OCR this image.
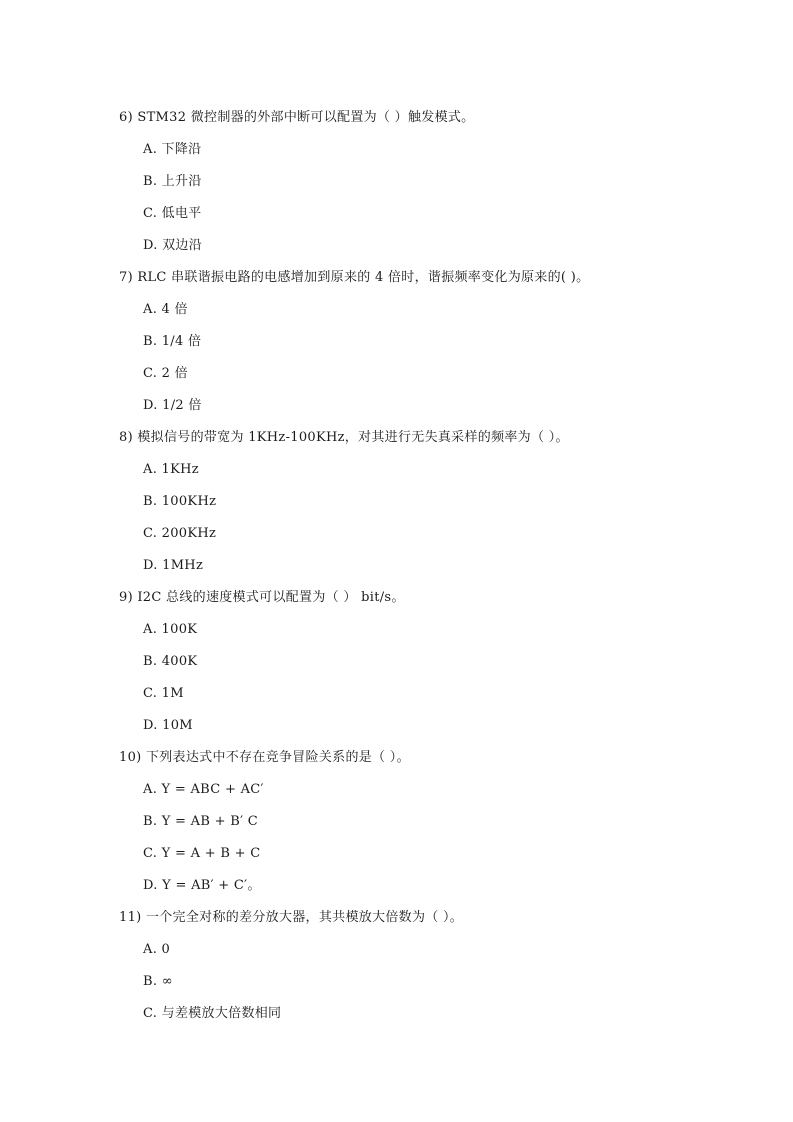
6) STM32 微控制器的外部中断可以配置为（ ）触发模式。
A. 下降沿
B. 上升沿
C. 低电平
D. 双边沿
7) RLC 串联谐振电路的电感增加到原来的 4 倍时，谐振频率变化为原来的( )。
A. 4 倍
B. 1/4 倍
C. 2 倍
D. 1/2 倍
8) 模拟信号的带宽为 1KHz-100KHz，对其进行无失真采样的频率为（ ）。
A. 1KHz
B. 100KHz
C. 200KHz
D. 1MHz
9) I2C 总线的速度模式可以配置为（ ） bit/s。
A. 100K
B. 400K
C. 1M
D. 10M
10) 下列表达式中不存在竞争冒险关系的是（ ）。
A. Y = ABC + AC′
B. Y = AB + B′ C
C. Y = A + B + C
D. Y = AB′ + C′。
11) 一个完全对称的差分放大器，其共模放大倍数为（ ）。
A. 0
B. ∞
C. 与差模放大倍数相同
